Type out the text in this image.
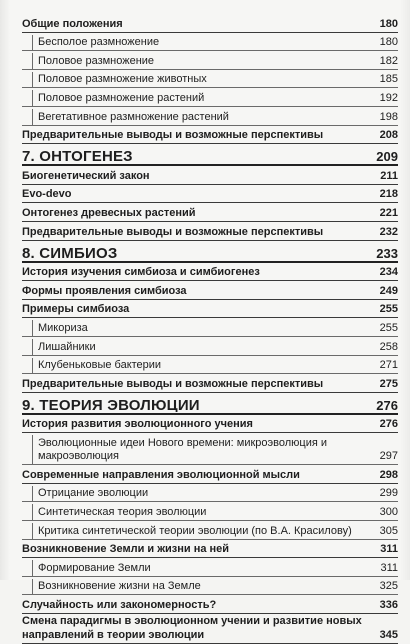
Общие положения	180
Бесполое размножение	180
Половое размножение	182
Половое размножение животных	185
Половое размножение растений	192
Вегетативное размножение растений	198
Предварительные выводы и возможные перспективы	208
7. ОНТОГЕНЕЗ	209
Биогенетический закон	211
Evo-devo	218
Онтогенез древесных растений	221
Предварительные выводы и возможные перспективы	232
8. СИМБИОЗ	233
История изучения симбиоза и симбиогенез	234
Формы проявления симбиоза	249
Примеры симбиоза	255
Микориза	255
Лишайники	258
Клубеньковые бактерии	271
Предварительные выводы и возможные перспективы	275
9. ТЕОРИЯ ЭВОЛЮЦИИ	276
История развития эволюционного учения	276
Эволюционные идеи Нового времени: микроэволюция и макроэволюция	297
Современные направления эволюционной мысли	298
Отрицание эволюции	299
Синтетическая теория эволюции	300
Критика синтетической теории эволюции (по В.А. Красилову)	305
Возникновение Земли и жизни на ней	311
Формирование Земли	311
Возникновение жизни на Земле	325
Случайность или закономерность?	336
Смена парадигмы в эволюционном учении и развитие новых направлений в теории эволюции	345
